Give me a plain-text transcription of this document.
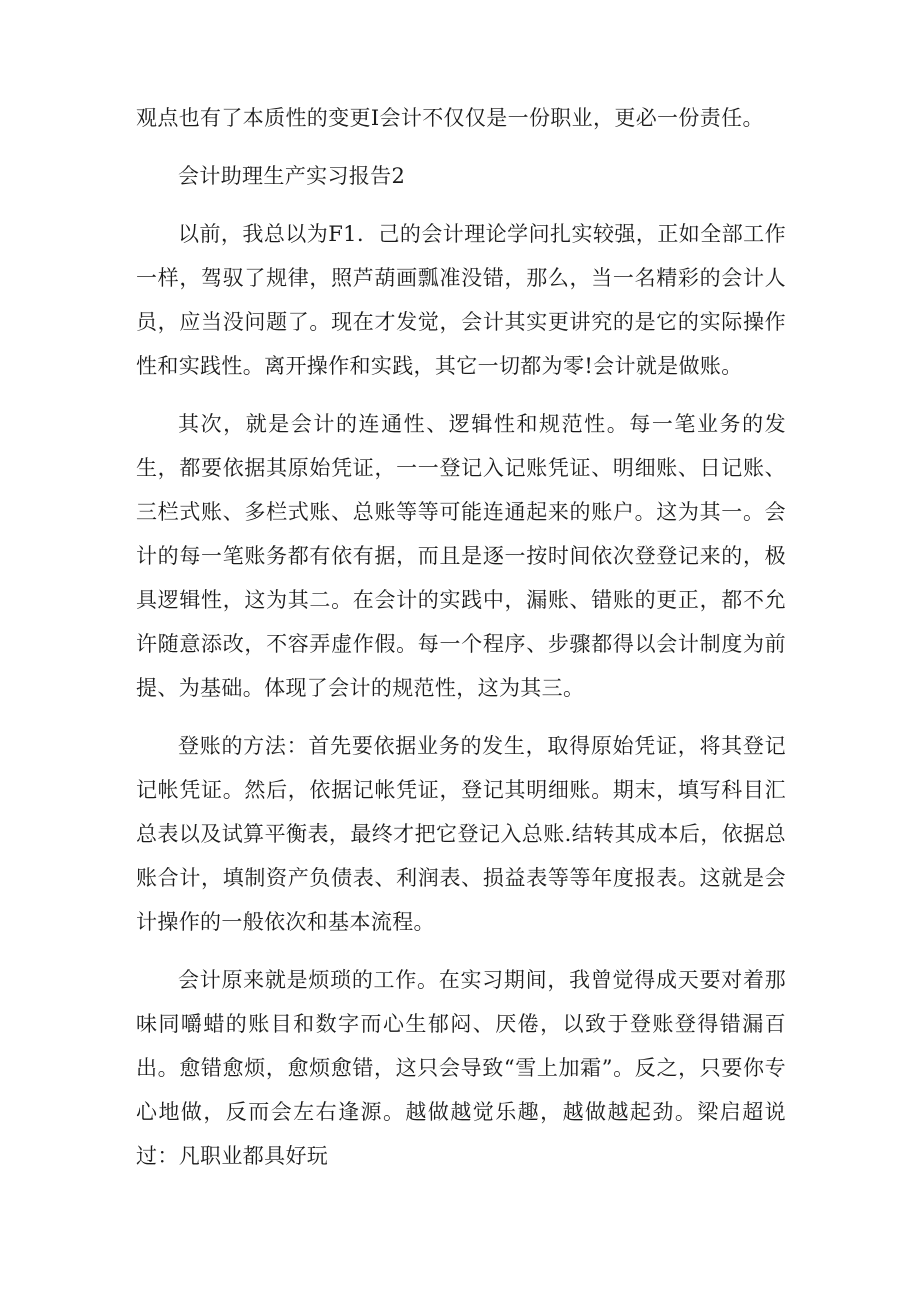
观点也有了本质性的变更I会计不仅仅是一份职业，更必一份责任。

会计助理生产实习报告2

以前，我总以为F1．己的会计理论学问扎实较强，正如全部工作一样，驾驭了规律，照芦葫画瓢准没错，那么，当一名精彩的会计人员，应当没问题了。现在才发觉，会计其实更讲究的是它的实际操作性和实践性。离开操作和实践，其它一切都为零!会计就是做账。

其次，就是会计的连通性、逻辑性和规范性。每一笔业务的发生，都要依据其原始凭证，一一登记入记账凭证、明细账、日记账、三栏式账、多栏式账、总账等等可能连通起来的账户。这为其一。会计的每一笔账务都有依有据，而且是逐一按时间依次登登记来的，极具逻辑性，这为其二。在会计的实践中，漏账、错账的更正，都不允许随意添改，不容弄虚作假。每一个程序、步骤都得以会计制度为前提、为基础。体现了会计的规范性，这为其三。

登账的方法：首先要依据业务的发生，取得原始凭证，将其登记记帐凭证。然后，依据记帐凭证，登记其明细账。期末，填写科目汇总表以及试算平衡表，最终才把它登记入总账.结转其成本后，依据总账合计，填制资产负债表、利润表、损益表等等年度报表。这就是会计操作的一般依次和基本流程。

会计原来就是烦琐的工作。在实习期间，我曾觉得成天要对着那味同嚼蜡的账目和数字而心生郁闷、厌倦，以致于登账登得错漏百出。愈错愈烦，愈烦愈错，这只会导致“雪上加霜”。反之，只要你专心地做，反而会左右逢源。越做越觉乐趣，越做越起劲。梁启超说过：凡职业都具好玩
